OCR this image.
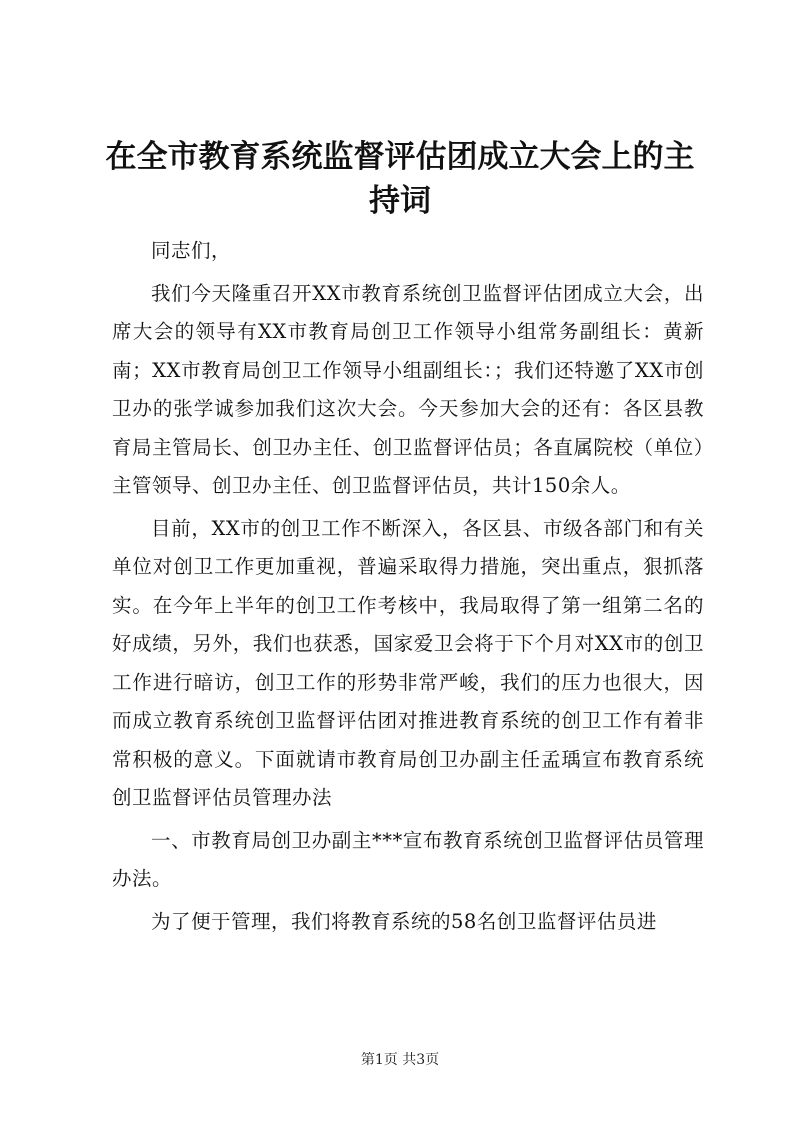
在全市教育系统监督评估团成立大会上的主持词

同志们，

我们今天隆重召开XX市教育系统创卫监督评估团成立大会，出席大会的领导有XX市教育局创卫工作领导小组常务副组长：黄新南；XX市教育局创卫工作领导小组副组长：；我们还特邀了XX市创卫办的张学诚参加我们这次大会。今天参加大会的还有：各区县教育局主管局长、创卫办主任、创卫监督评估员；各直属院校（单位）主管领导、创卫办主任、创卫监督评估员，共计150余人。

目前，XX市的创卫工作不断深入，各区县、市级各部门和有关单位对创卫工作更加重视，普遍采取得力措施，突出重点，狠抓落实。在今年上半年的创卫工作考核中，我局取得了第一组第二名的好成绩，另外，我们也获悉，国家爱卫会将于下个月对XX市的创卫工作进行暗访，创卫工作的形势非常严峻，我们的压力也很大，因而成立教育系统创卫监督评估团对推进教育系统的创卫工作有着非常积极的意义。下面就请市教育局创卫办副主任孟瑀宣布教育系统创卫监督评估员管理办法

一、市教育局创卫办副主***宣布教育系统创卫监督评估员管理办法。

为了便于管理，我们将教育系统的58名创卫监督评估员进

第1页 共3页
